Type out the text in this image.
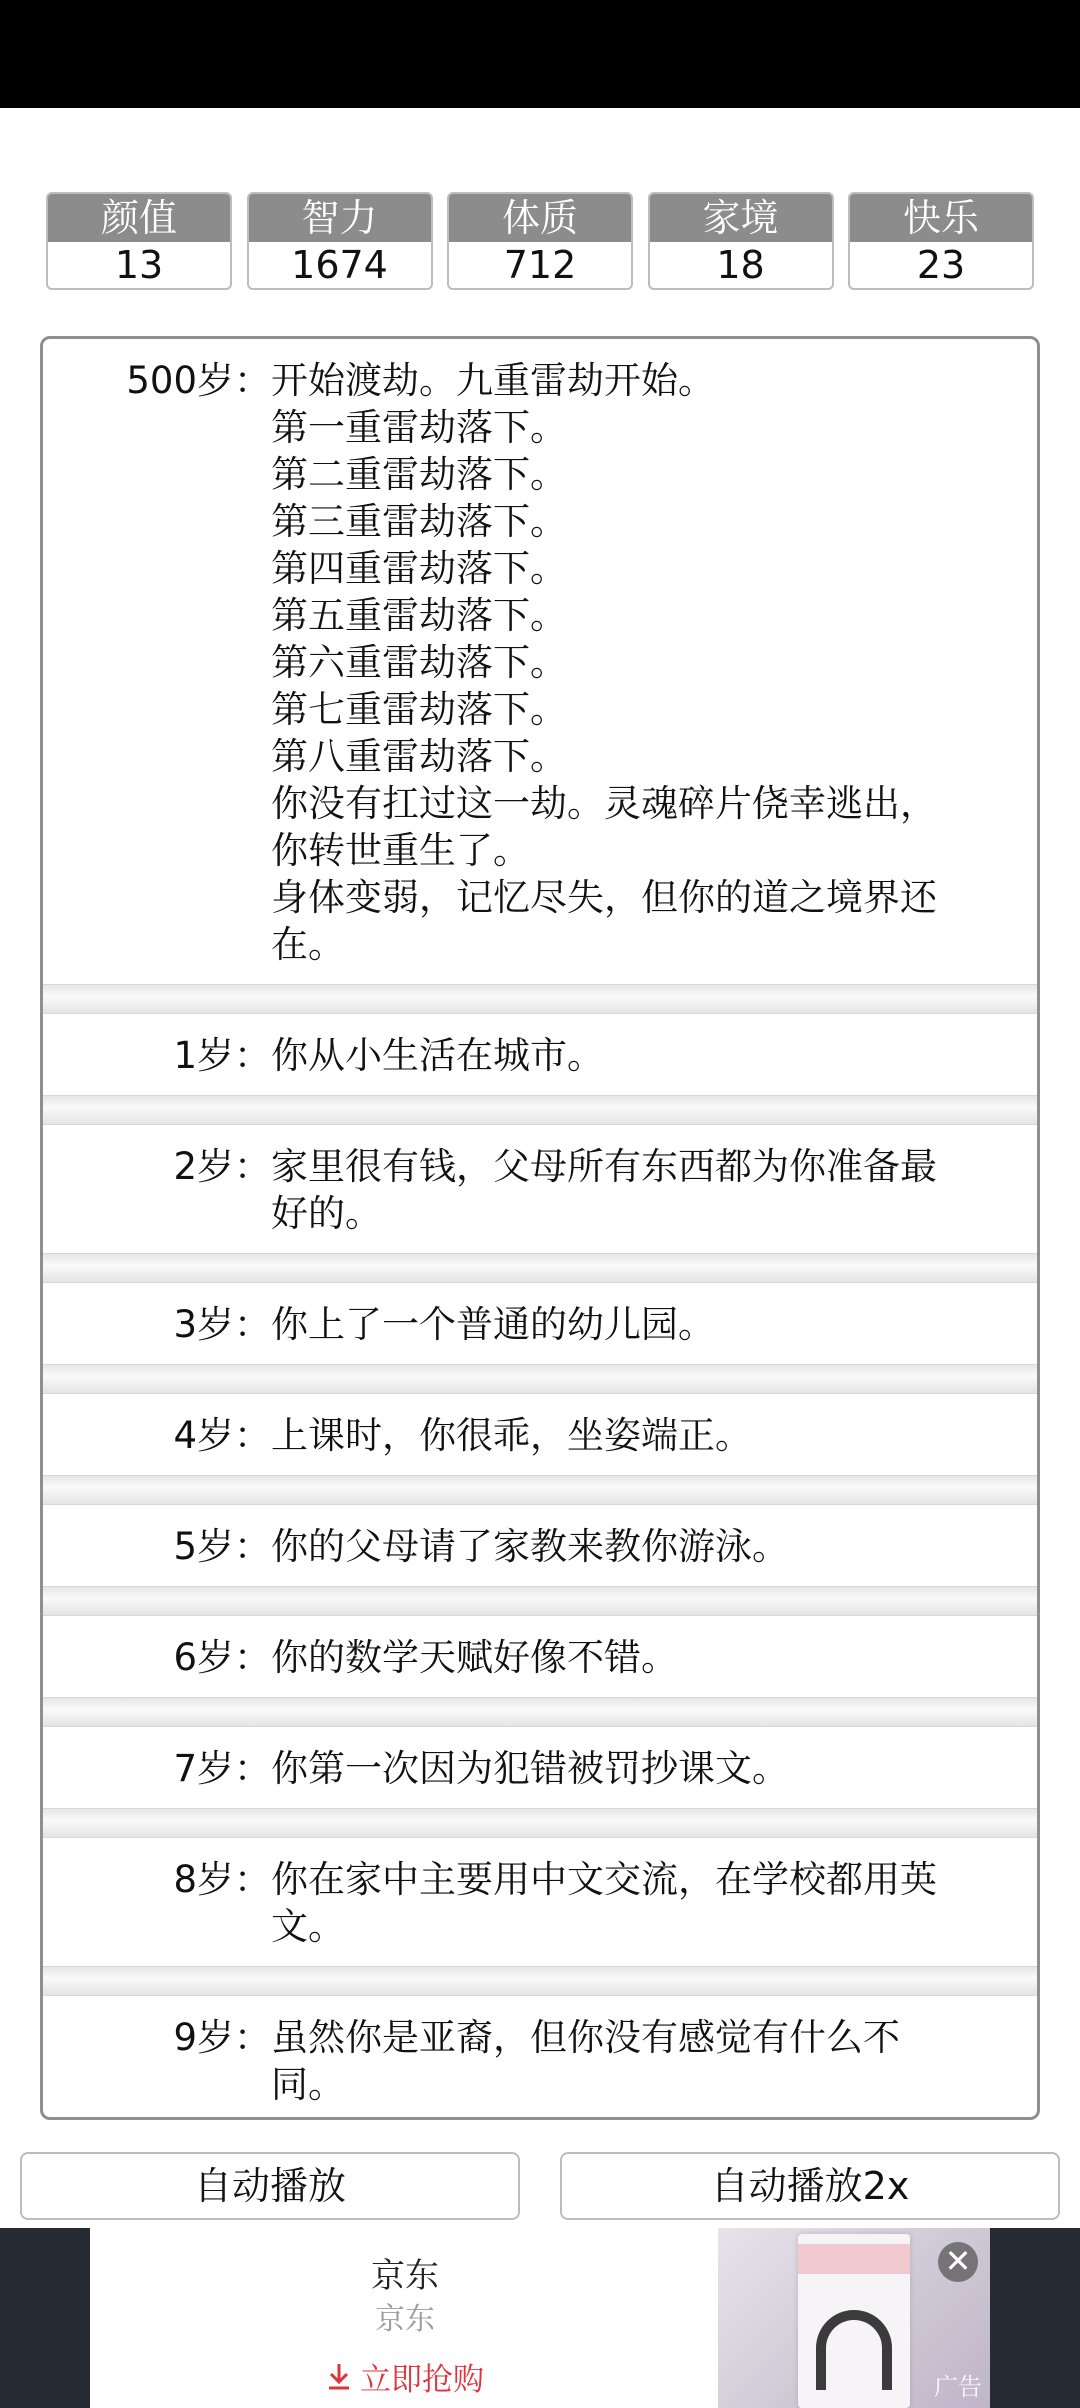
颜值
13
智力
1674
体质
712
家境
18
快乐
23
500岁： 开始渡劫。九重雷劫开始。
第一重雷劫落下。
第二重雷劫落下。
第三重雷劫落下。
第四重雷劫落下。
第五重雷劫落下。
第六重雷劫落下。
第七重雷劫落下。
第八重雷劫落下。
你没有扛过这一劫。灵魂碎片侥幸逃出，
你转世重生了。
身体变弱，记忆尽失，但你的道之境界还
在。
1岁： 你从小生活在城市。
2岁： 家里很有钱，父母所有东西都为你准备最
好的。
3岁： 你上了一个普通的幼儿园。
4岁： 上课时，你很乖，坐姿端正。
5岁： 你的父母请了家教来教你游泳。
6岁： 你的数学天赋好像不错。
7岁： 你第一次因为犯错被罚抄课文。
8岁： 你在家中主要用中文交流，在学校都用英
文。
9岁： 虽然你是亚裔，但你没有感觉有什么不
同。
自动播放	自动播放2x
京东
京东
立即抢购
✕
广告
